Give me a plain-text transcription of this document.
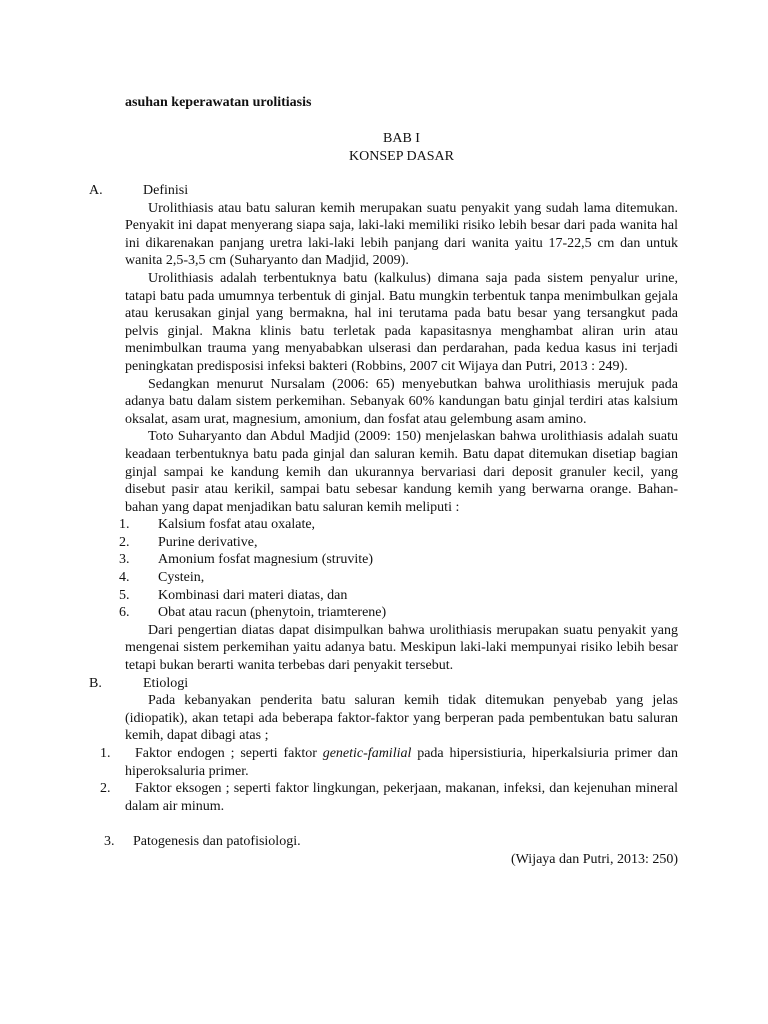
asuhan keperawatan urolitiasis
BAB I
KONSEP DASAR
A.	Definisi

Urolithiasis atau batu saluran kemih merupakan suatu penyakit yang sudah lama ditemukan. Penyakit ini dapat menyerang siapa saja, laki-laki memiliki risiko lebih besar dari pada wanita hal ini dikarenakan panjang uretra laki-laki lebih panjang dari wanita yaitu 17-22,5 cm dan untuk wanita 2,5-3,5 cm (Suharyanto dan Madjid, 2009).

Urolithiasis adalah terbentuknya batu (kalkulus) dimana saja pada sistem penyalur urine, tatapi batu pada umumnya terbentuk di ginjal. Batu mungkin terbentuk tanpa menimbulkan gejala atau kerusakan ginjal yang bermakna, hal ini terutama pada batu besar yang tersangkut pada pelvis ginjal. Makna klinis batu terletak pada kapasitasnya menghambat aliran urin atau menimbulkan trauma yang menyababkan ulserasi dan perdarahan, pada kedua kasus ini terjadi peningkatan predisposisi infeksi bakteri (Robbins, 2007 cit Wijaya dan Putri, 2013 : 249).

Sedangkan menurut Nursalam (2006: 65) menyebutkan bahwa urolithiasis merujuk pada adanya batu dalam sistem perkemihan. Sebanyak 60% kandungan batu ginjal terdiri atas kalsium oksalat, asam urat, magnesium, amonium, dan fosfat atau gelembung asam amino.

Toto Suharyanto dan Abdul Madjid (2009: 150) menjelaskan bahwa urolithiasis adalah suatu keadaan terbentuknya batu pada ginjal dan saluran kemih. Batu dapat ditemukan disetiap bagian ginjal sampai ke kandung kemih dan ukurannya bervariasi dari deposit granuler kecil, yang disebut pasir atau kerikil, sampai batu sebesar kandung kemih yang berwarna orange. Bahan-bahan yang dapat menjadikan batu saluran kemih meliputi :

1. Kalsium fosfat atau oxalate,
2. Purine derivative,
3. Amonium fosfat magnesium (struvite)
4. Cystein,
5. Kombinasi dari materi diatas, dan
6. Obat atau racun (phenytoin, triamterene)

Dari pengertian diatas dapat disimpulkan bahwa urolithiasis merupakan suatu penyakit yang mengenai sistem perkemihan yaitu adanya batu. Meskipun laki-laki mempunyai risiko lebih besar tetapi bukan berarti wanita terbebas dari penyakit tersebut.

B.	Etiologi

Pada kebanyakan penderita batu saluran kemih tidak ditemukan penyebab yang jelas (idiopatik), akan tetapi ada beberapa faktor-faktor yang berperan pada pembentukan batu saluran kemih, dapat dibagi atas ;

1. Faktor endogen ; seperti faktor genetic-familial pada hipersistiuria, hiperkalsiuria primer dan hiperoksaluria primer.
2. Faktor eksogen ; seperti faktor lingkungan, pekerjaan, makanan, infeksi, dan kejenuhan mineral dalam air minum.
3. Patogenesis dan patofisiologi.
(Wijaya dan Putri, 2013: 250)
